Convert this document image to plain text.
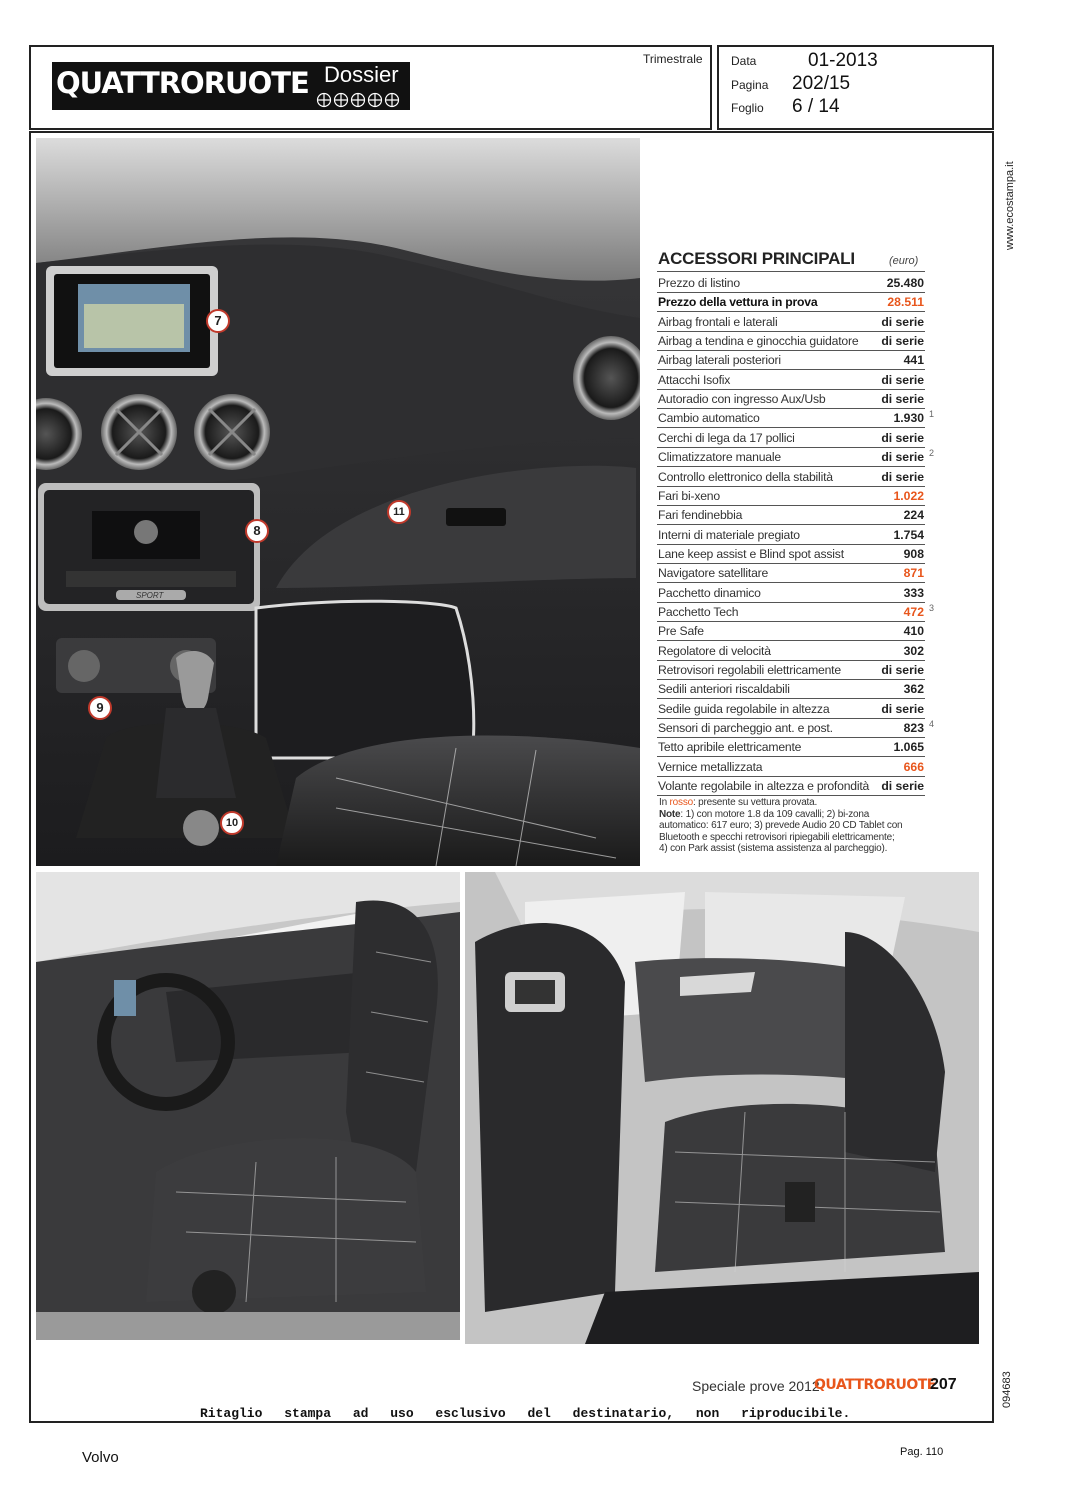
QUATTRORUOTE Dossier
Trimestrale Data	01-2013
Pagina 202/15
Foglio 6 / 14
www.ecostampa.it
SPORT
7
8
9
10
11
ACCESSORI PRINCIPALI	(euro)
Prezzo di listino	25.480
Prezzo della vettura in prova	28.511
Airbag frontali e laterali	di serie
Airbag a tendina e ginocchia guidatore di serie
Airbag laterali posteriori	441
Attacchi Isofix	di serie
Autoradio con ingresso Aux/Usb	di serie
Cambio automatico	1.930 1
Cerchi di lega da 17 pollici	di serie
Climatizzatore manuale	di serie 2
Controllo elettronico della stabilità	di serie
Fari bi-xeno	1.022
Fari fendinebbia	224
Interni di materiale pregiato	1.754
Lane keep assist e Blind spot assist	908
Navigatore satellitare	871
Pacchetto dinamico	333
Pacchetto Tech	472 3
Pre Safe	410
Regolatore di velocità	302
Retrovisori regolabili elettricamente	di serie
Sedili anteriori riscaldabili	362
Sedile guida regolabile in altezza	di serie
Sensori di parcheggio ant. e post.	823 4
Tetto apribile elettricamente	1.065
Vernice metallizzata	666
Volante regolabile in altezza e profondità di serie
In rosso: presente su vettura provata.
Note: 1) con motore 1.8 da 109 cavalli; 2) bi-zona
automatico: 617 euro; 3) prevede Audio 20 CD Tablet con
Bluetooth e specchi retrovisori ripiegabili elettricamente;
4) con Park assist (sistema assistenza al parcheggio).
Speciale prove 2012
QUATTRORUOTE
207	094683
Ritaglio stampa ad uso esclusivo del destinatario, non riproducibile.
Volvo	Pag. 110
